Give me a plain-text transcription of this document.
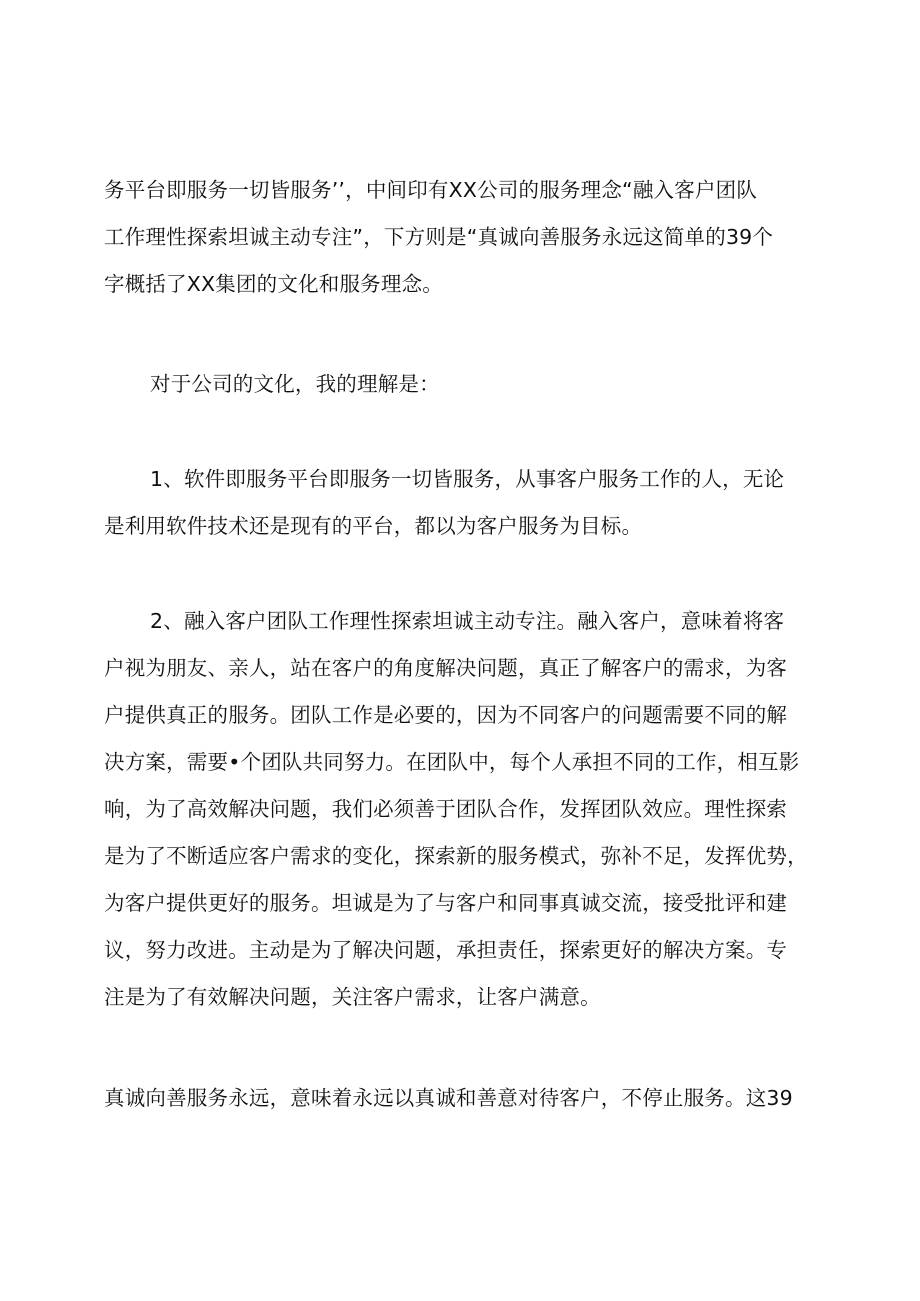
务平台即服务一切皆服务’’，中间印有XX公司的服务理念“融入客户团队

工作理性探索坦诚主动专注”，下方则是“真诚向善服务永远这简单的39个

字概括了XX集团的文化和服务理念。

对于公司的文化，我的理解是：

1、软件即服务平台即服务一切皆服务，从事客户服务工作的人，无论

是利用软件技术还是现有的平台，都以为客户服务为目标。

2、融入客户团队工作理性探索坦诚主动专注。融入客户，意味着将客

户视为朋友、亲人，站在客户的角度解决问题，真正了解客户的需求，为客

户提供真正的服务。团队工作是必要的，因为不同客户的问题需要不同的解

决方案，需要•个团队共同努力。在团队中，每个人承担不同的工作，相互影

响，为了高效解决问题，我们必须善于团队合作，发挥团队效应。理性探索

是为了不断适应客户需求的变化，探索新的服务模式，弥补不足，发挥优势，

为客户提供更好的服务。坦诚是为了与客户和同事真诚交流，接受批评和建

议，努力改进。主动是为了解决问题，承担责任，探索更好的解决方案。专

注是为了有效解决问题，关注客户需求，让客户满意。

真诚向善服务永远，意味着永远以真诚和善意对待客户，不停止服务。这39
